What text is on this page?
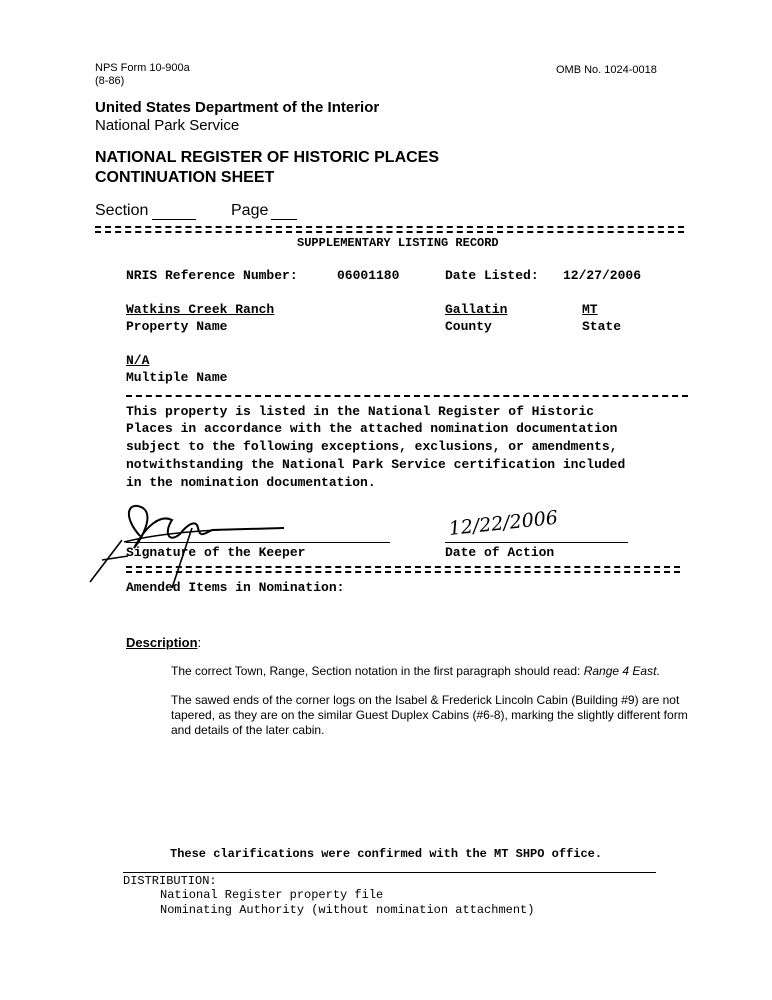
NPS Form 10-900a
(8-86)
OMB No. 1024-0018
United States Department of the Interior
National Park Service
NATIONAL REGISTER OF HISTORIC PLACES
CONTINUATION SHEET
Section	Page
SUPPLEMENTARY LISTING RECORD
NRIS Reference Number:	06001180	Date Listed: 12/27/2006
Watkins Creek Ranch
Property Name
Gallatin
County
MT
State
N/A
Multiple Name
This property is listed in the National Register of Historic
Places in accordance with the attached nomination documentation
subject to the following exceptions, exclusions, or amendments,
notwithstanding the National Park Service certification included
in the nomination documentation.
Signature of the Keeper
12/22/2006
Date of Action
Amended Items in Nomination:
Description:
The correct Town, Range, Section notation in the first paragraph should read: Range 4 East.
The sawed ends of the corner logs on the Isabel & Frederick Lincoln Cabin (Building #9) are not
tapered, as they are on the similar Guest Duplex Cabins (#6-8), marking the slightly different form
and details of the later cabin.
These clarifications were confirmed with the MT SHPO office.
DISTRIBUTION:
National Register property file
Nominating Authority (without nomination attachment)
